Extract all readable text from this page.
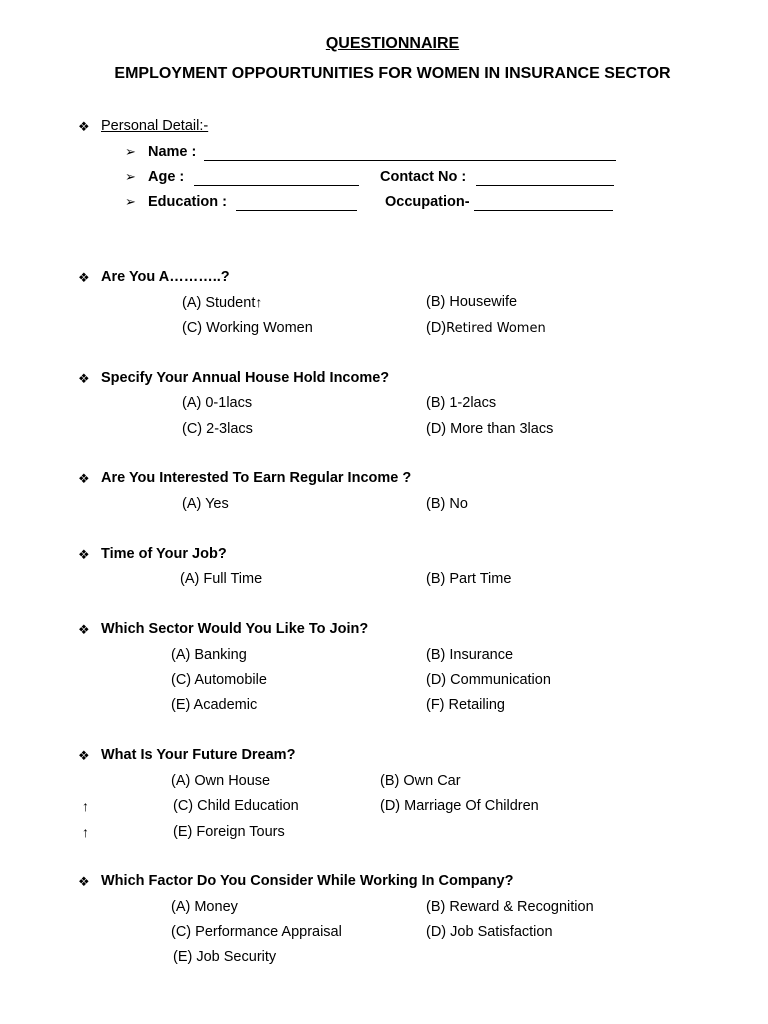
QUESTIONNAIRE
EMPLOYMENT OPPOURTUNITIES FOR WOMEN IN INSURANCE SECTOR
❖ Personal Detail:-
➢ Name :
➢ Age :	Contact No :
➢ Education :	Occupation-
❖ Are You A………..?
(A) Student↑	(B) Housewife
(C) Working Women	(D)Retired Women
❖ Specify Your Annual House Hold Income?
(A) 0-1lacs	(B) 1-2lacs
(C) 2-3lacs	(D) More than 3lacs
❖ Are You Interested To Earn Regular Income ?
(A) Yes	(B) No
❖ Time of Your Job?
(A) Full Time	(B) Part Time
❖ Which Sector Would You Like To Join?
(A) Banking	(B) Insurance
(C) Automobile	(D) Communication
(E) Academic	(F) Retailing
❖ What Is Your Future Dream?
(A) Own House	(B) Own Car
↑	(C) Child Education	(D) Marriage Of Children
↑	(E) Foreign Tours
❖ Which Factor Do You Consider While Working In Company?
(A) Money	(B) Reward & Recognition
(C) Performance Appraisal	(D) Job Satisfaction
(E) Job Security
